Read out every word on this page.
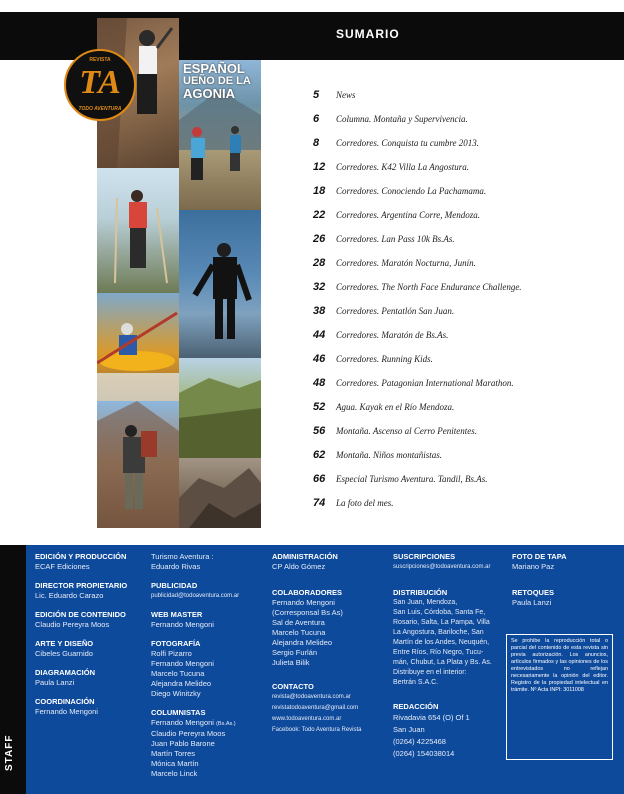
SUMARIO
ESPAÑOL
UEÑO DE LA
AGONIA
REVISTA
TA
TODO AVENTURA
5	News
6	Columna. Montaña y Supervivencia.
8	Corredores. Conquista tu cumbre 2013.
12	Corredores. K42 Villa La Angostura.
18	Corredores. Conociendo La Pachamama.
22	Corredores. Argentina Corre, Mendoza.
26	Corredores. Lan Pass 10k Bs.As.
28	Corredores. Maratón Nocturna, Junín.
32	Corredores. The North Face Endurance Challenge.
38	Corredores. Pentatlón San Juan.
44	Corredores. Maratón de Bs.As.
46	Corredores. Running Kids.
48	Corredores. Patagonian International Marathon.
52	Agua. Kayak en el Río Mendoza.
56	Montaña. Ascenso al Cerro Penitentes.
62	Montaña. Niños montañistas.
66	Especial Turismo Aventura. Tandil, Bs.As.
74	La foto del mes.
STAFF
EDICIÓN Y PRODUCCIÓN
ECAF Ediciones
DIRECTOR PROPIETARIO
Lic. Eduardo Carazo
EDICIÓN DE CONTENIDO
Claudio Pereyra Moos
ARTE Y DISEÑO
Cibeles Guarnido
DIAGRAMACIÓN
Paula Lanzi
COORDINACIÓN
Fernando Mengoni
Turismo Aventura :
Eduardo Rivas
PUBLICIDAD
publicidad@todoaventura.com.ar
WEB MASTER
Fernando Mengoni
FOTOGRAFÍA
Rolfi Pizarro
Fernando Mengoni
Marcelo Tucuna
Alejandra Melideo
Diego Winitzky
COLUMNISTAS
Fernando Mengoni (Bs.As.)
Claudio Pereyra Moos
Juan Pablo Barone
Martín Torres
Mónica Martín
Marcelo Linck
ADMINISTRACIÓN
CP Aldo Gómez
COLABORADORES
Fernando Mengoni
(Corresponsal Bs As)
Sal de Aventura
Marcelo Tucuna
Alejandra Melideo
Sergio Furlán
Julieta Bilik
CONTACTO
revista@todoaventura.com.ar
revistatodoaventura@gmail.com
www.todoaventura.com.ar
Facebook: Todo Aventura Revista
SUSCRIPCIONES
suscripciones@todoaventura.com.ar
DISTRIBUCIÓN
San Juan, Mendoza,
San Luis, Córdoba, Santa Fe,
Rosario, Salta, La Pampa, Villa
La Angostura, Bariloche, San
Martín de los Andes, Neuquén,
Entre Ríos, Río Negro, Tucu-
mán, Chubut, La Plata y Bs. As.
Distribuye en el interior:
Bertrán S.A.C.
REDACCIÓN
Rivadavia 654 (O) Of 1
San Juan
(0264) 4225468
(0264) 154038014
FOTO DE TAPA
Mariano Paz
RETOQUES
Paula Lanzi

Se prohibe la reproducción total o parcial del contenido de esta revista sin previa autorización. Los anuncios, artículos firmados y las opiniones de los entrevistados no reflejan necesariamente la opinión del editor. Registro de la propiedad intelectual en trámite. Nº Acta INPI: 3011008
